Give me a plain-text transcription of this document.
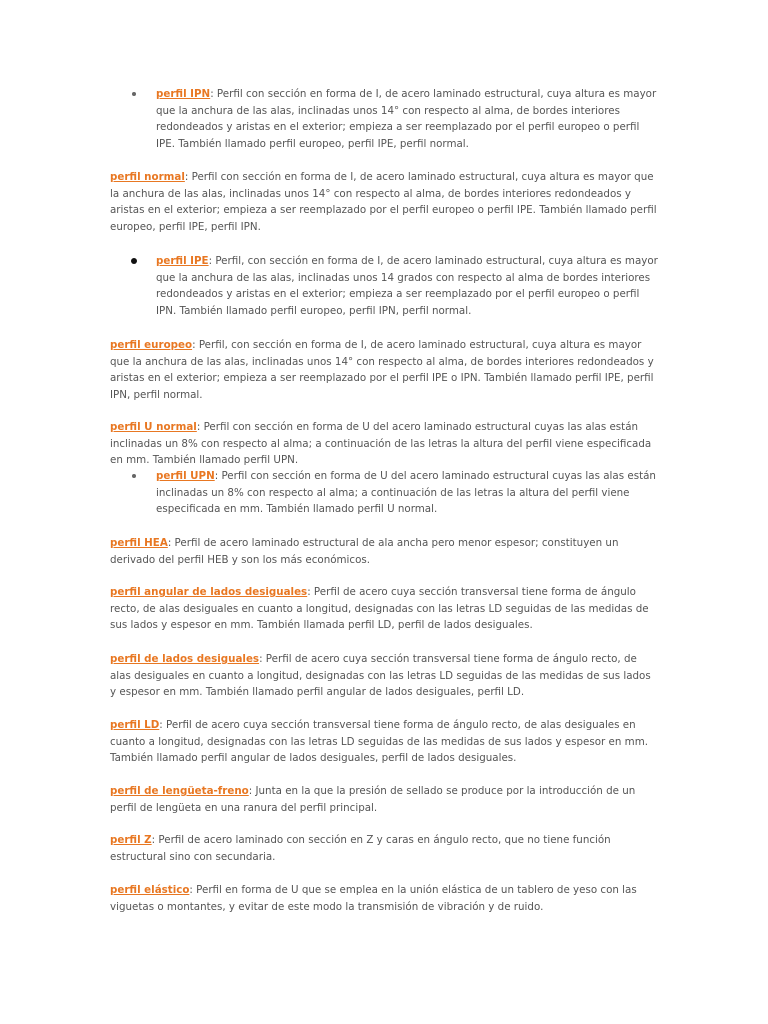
perfil IPN: Perfil con sección en forma de I, de acero laminado estructural, cuya altura es mayor que la anchura de las alas, inclinadas unos 14° con respecto al alma, de bordes interiores redondeados y aristas en el exterior; empieza a ser reemplazado por el perfil europeo o perfil IPE. También llamado perfil europeo, perfil IPE, perfil normal.

perfil normal: Perfil con sección en forma de I, de acero laminado estructural, cuya altura es mayor que la anchura de las alas, inclinadas unos 14° con respecto al alma, de bordes interiores redondeados y aristas en el exterior; empieza a ser reemplazado por el perfil europeo o perfil IPE. También llamado perfil europeo, perfil IPE, perfil IPN.

perfil IPE: Perfil, con sección en forma de I, de acero laminado estructural, cuya altura es mayor que la anchura de las alas, inclinadas unos 14 grados con respecto al alma de bordes interiores redondeados y aristas en el exterior; empieza a ser reemplazado por el perfil europeo o perfil IPN. También llamado perfil europeo, perfil IPN, perfil normal.

perfil europeo: Perfil, con sección en forma de I, de acero laminado estructural, cuya altura es mayor que la anchura de las alas, inclinadas unos 14° con respecto al alma, de bordes interiores redondeados y aristas en el exterior; empieza a ser reemplazado por el perfil IPE o IPN. También llamado perfil IPE, perfil IPN, perfil normal.

perfil U normal: Perfil con sección en forma de U del acero laminado estructural cuyas las alas están inclinadas un 8% con respecto al alma; a continuación de las letras la altura del perfil viene especificada en mm. También llamado perfil UPN.

perfil UPN: Perfil con sección en forma de U del acero laminado estructural cuyas las alas están inclinadas un 8% con respecto al alma; a continuación de las letras la altura del perfil viene especificada en mm. También llamado perfil U normal.

perfil HEA: Perfil de acero laminado estructural de ala ancha pero menor espesor; constituyen un derivado del perfil HEB y son los más económicos.

perfil angular de lados desiguales: Perfil de acero cuya sección transversal tiene forma de ángulo recto, de alas desiguales en cuanto a longitud, designadas con las letras LD seguidas de las medidas de sus lados y espesor en mm. También llamada perfil LD, perfil de lados desiguales.

perfil de lados desiguales: Perfil de acero cuya sección transversal tiene forma de ángulo recto, de alas desiguales en cuanto a longitud, designadas con las letras LD seguidas de las medidas de sus lados y espesor en mm. También llamado perfil angular de lados desiguales, perfil LD.

perfil LD: Perfil de acero cuya sección transversal tiene forma de ángulo recto, de alas desiguales en cuanto a longitud, designadas con las letras LD seguidas de las medidas de sus lados y espesor en mm. También llamado perfil angular de lados desiguales, perfil de lados desiguales.

perfil de lengüeta-freno: Junta en la que la presión de sellado se produce por la introducción de un perfil de lengüeta en una ranura del perfil principal.

perfil Z: Perfil de acero laminado con sección en Z y caras en ángulo recto, que no tiene función estructural sino con secundaria.

perfil elástico: Perfil en forma de U que se emplea en la unión elástica de un tablero de yeso con las viguetas o montantes, y evitar de este modo la transmisión de vibración y de ruido.
